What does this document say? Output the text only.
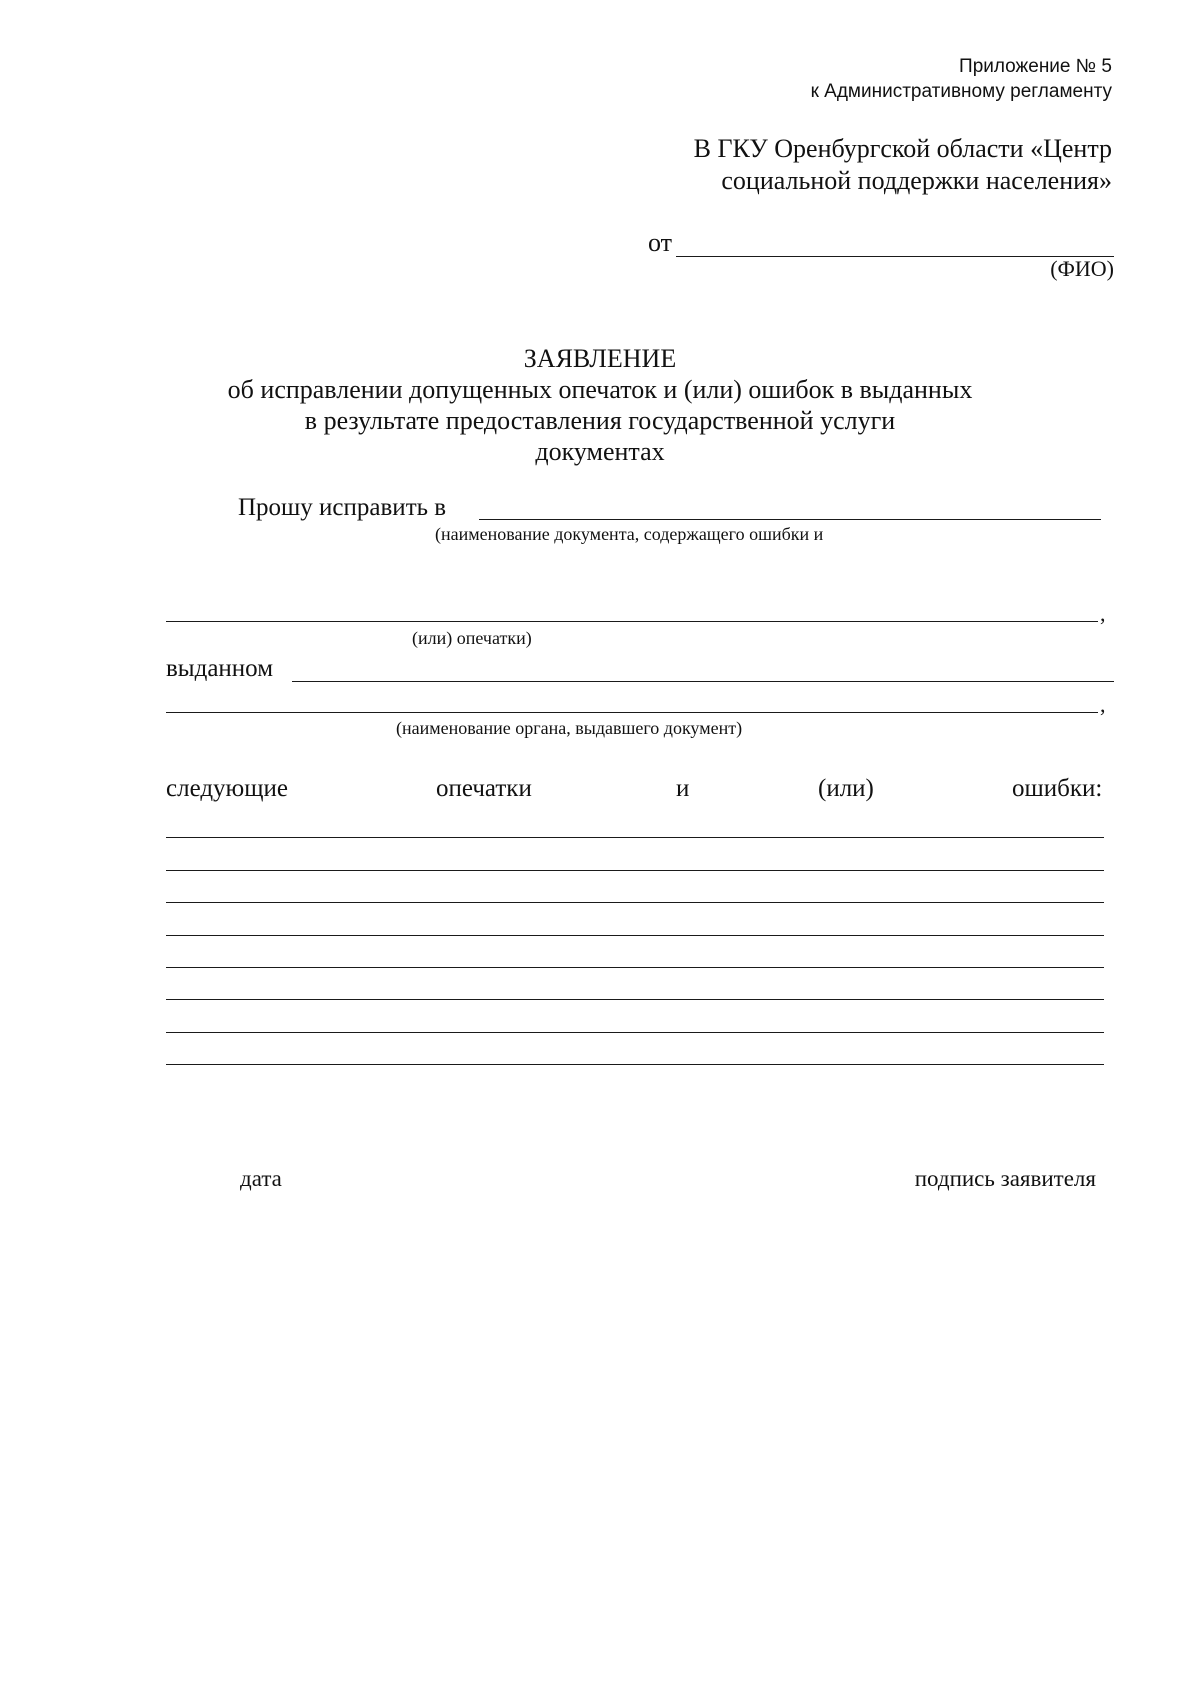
Приложение № 5
к Административному регламенту
В ГКУ Оренбургской области «Центр
социальной поддержки населения»
от
(ФИО)
ЗАЯВЛЕНИЕ
об исправлении допущенных опечаток и (или) ошибок в выданных
в результате предоставления государственной услуги
документах
Прошу исправить в
(наименование документа, содержащего ошибки и
,
(или) опечатки)
выданном
,
(наименование органа, выдавшего документ)
следующие	опечатки	и	(или)	ошибки:
дата	подпись заявителя
